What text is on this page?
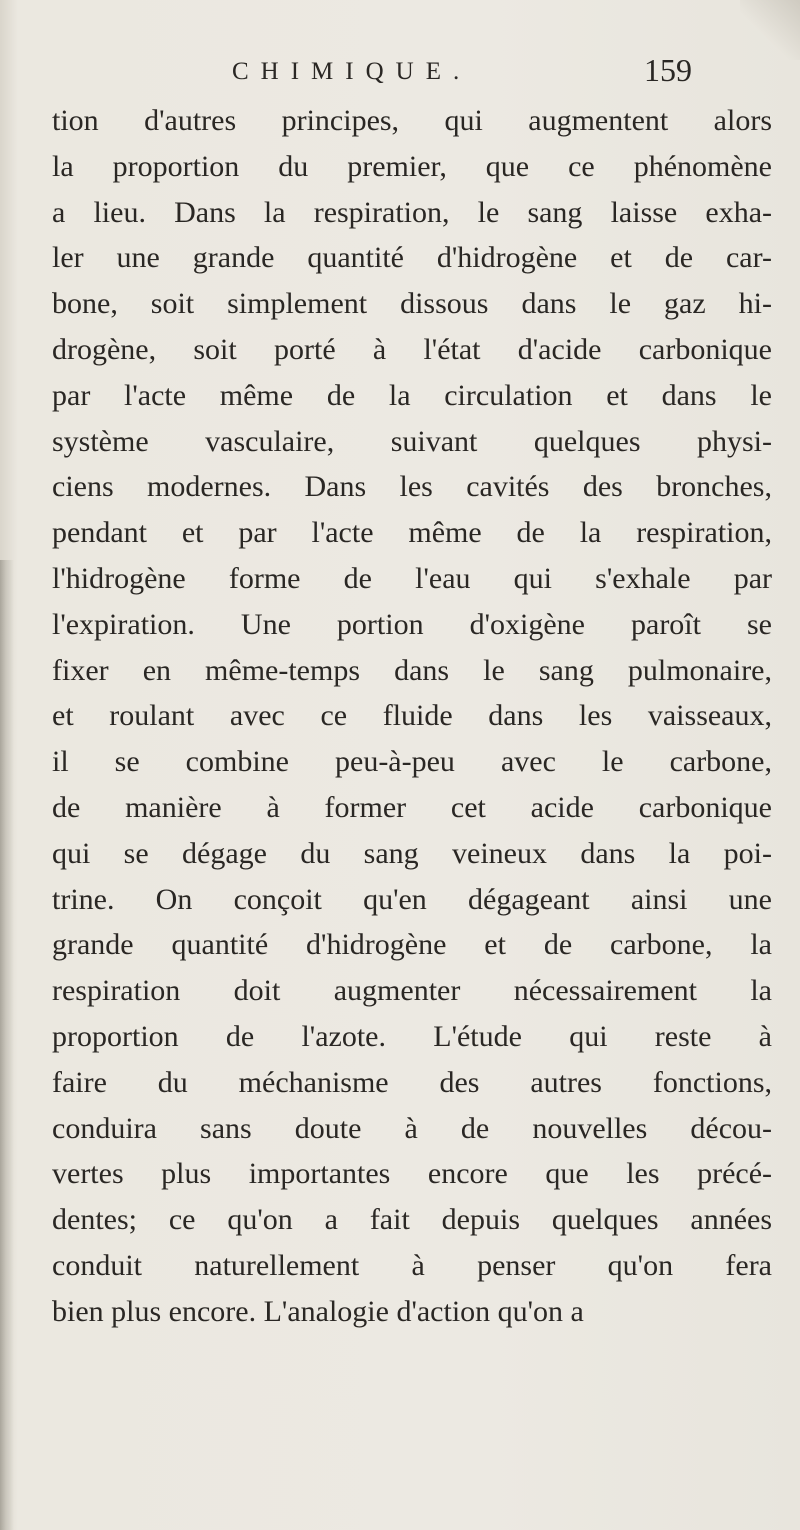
CHIMIQUE.	159
tion d'autres principes, qui augmentent alors
la proportion du premier, que ce phénomène
a lieu. Dans la respiration, le sang laisse exha-
ler une grande quantité d'hidrogène et de car-
bone, soit simplement dissous dans le gaz hi-
drogène, soit porté à l'état d'acide carbonique
par l'acte même de la circulation et dans le
système vasculaire, suivant quelques physi-
ciens modernes. Dans les cavités des bronches,
pendant et par l'acte même de la respiration,
l'hidrogène forme de l'eau qui s'exhale par
l'expiration. Une portion d'oxigène paroît se
fixer en même-temps dans le sang pulmonaire,
et roulant avec ce fluide dans les vaisseaux,
il se combine peu-à-peu avec le carbone,
de manière à former cet acide carbonique
qui se dégage du sang veineux dans la poi-
trine. On conçoit qu'en dégageant ainsi une
grande quantité d'hidrogène et de carbone, la
respiration doit augmenter nécessairement la
proportion de l'azote. L'étude qui reste à
faire du méchanisme des autres fonctions,
conduira sans doute à de nouvelles décou-
vertes plus importantes encore que les précé-
dentes; ce qu'on a fait depuis quelques années
conduit naturellement à penser qu'on fera
bien plus encore. L'analogie d'action qu'on a
